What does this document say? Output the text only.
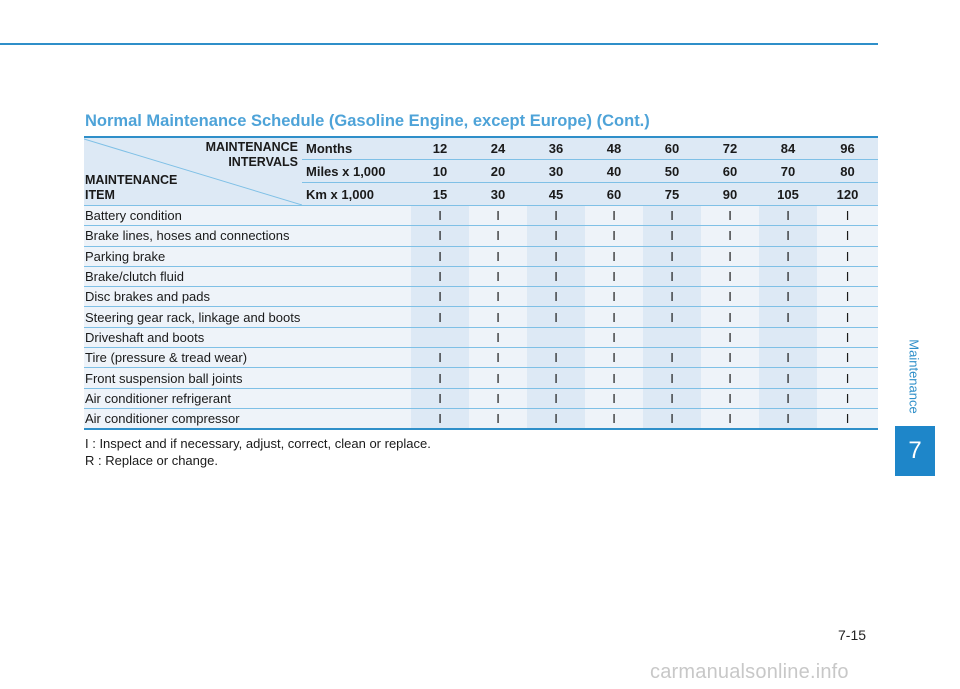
Normal Maintenance Schedule (Gasoline Engine, except Europe) (Cont.)
MAINTENANCE
INTERVALS
MAINTENANCE
ITEM	Months	12	24	36	48	60	72	84	96
	Miles x 1,000	10	20	30	40	50	60	70	80
	Km x 1,000	15	30	45	60	75	90	105	120
Battery condition		I	I	I	I	I	I	I	I
Brake lines, hoses and connections		I	I	I	I	I	I	I	I
Parking brake		I	I	I	I	I	I	I	I
Brake/clutch fluid		I	I	I	I	I	I	I	I
Disc brakes and pads		I	I	I	I	I	I	I	I
Steering gear rack, linkage and boots		I	I	I	I	I	I	I	I
Driveshaft and boots			I		I		I		I
Tire (pressure & tread wear)		I	I	I	I	I	I	I	I
Front suspension ball joints		I	I	I	I	I	I	I	I
Air conditioner refrigerant		I	I	I	I	I	I	I	I
Air conditioner compressor		I	I	I	I	I	I	I	I
I : Inspect and if necessary, adjust, correct, clean or replace.
R : Replace or change.
Maintenance
7
7-15
carmanualsonline.info
